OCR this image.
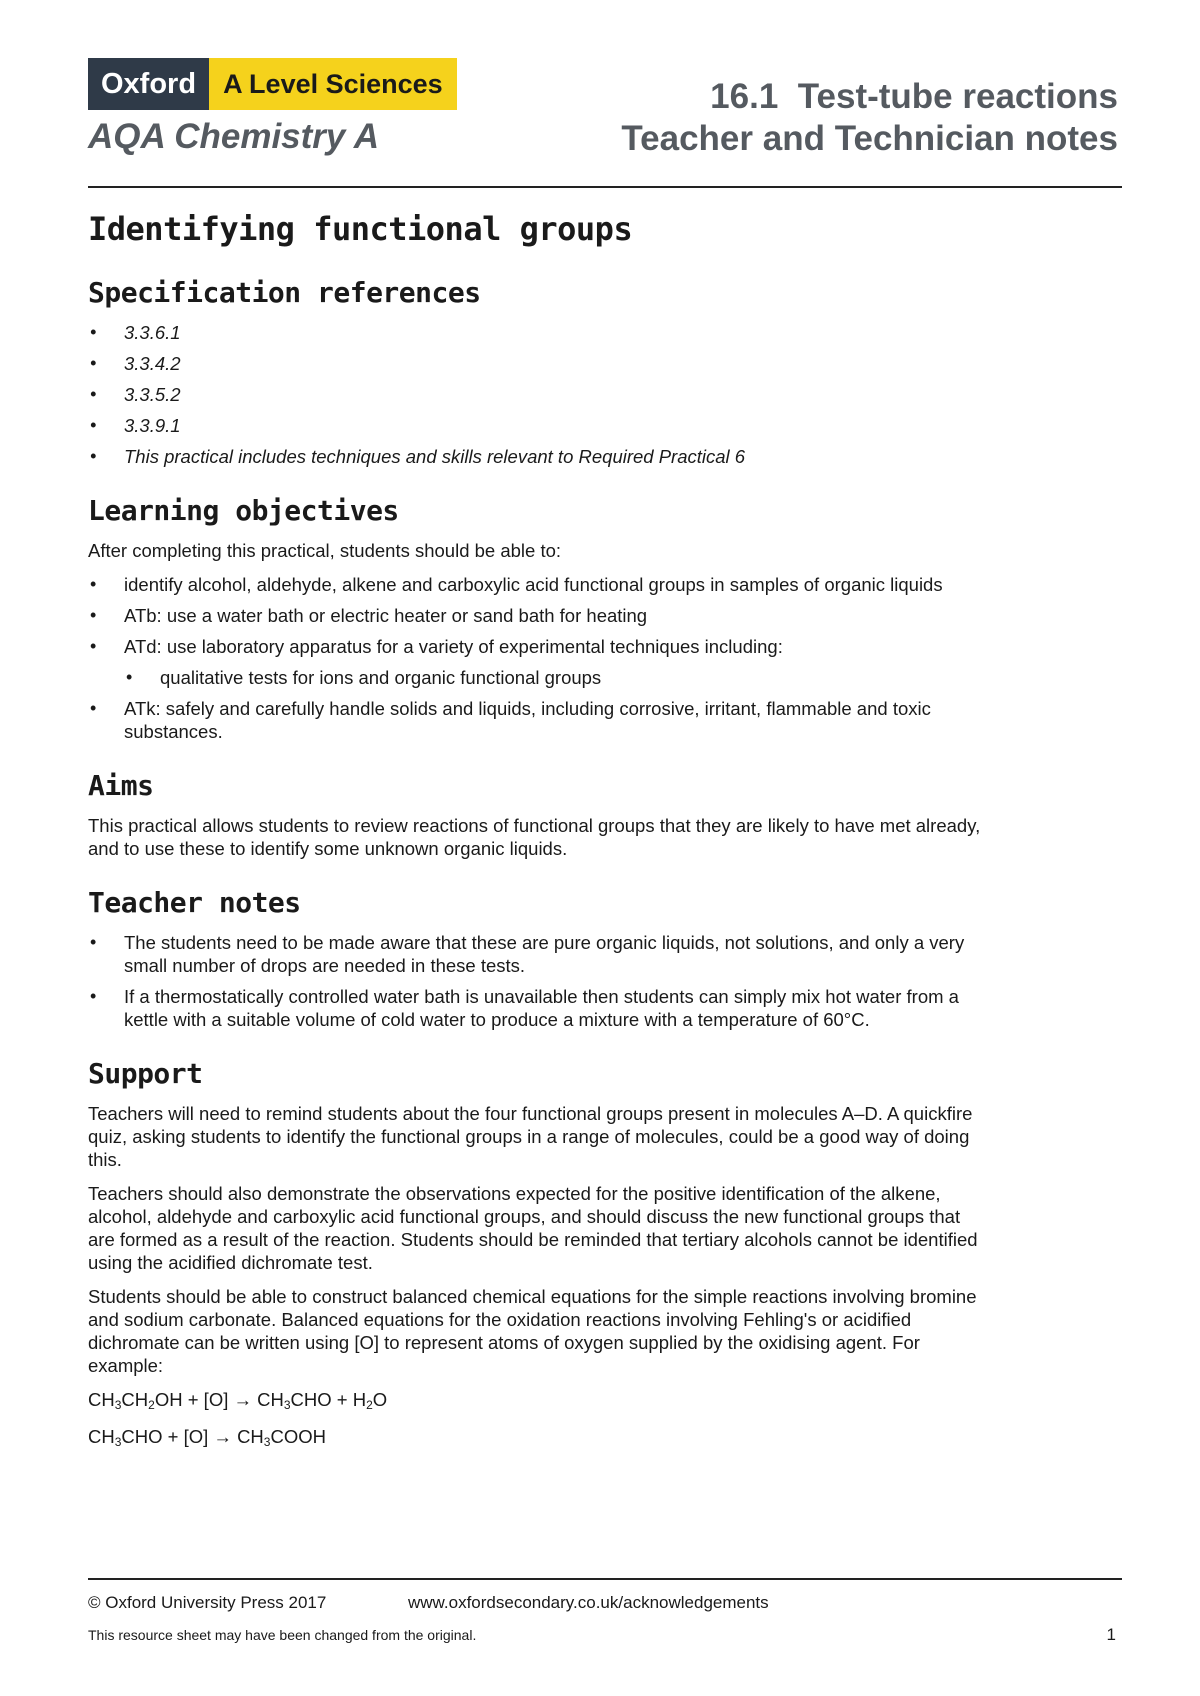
Oxford	A Level Sciences
AQA Chemistry A
16.1 Test-tube reactions
Teacher and Technician notes
Identifying functional groups
Specification references
• 3.3.6.1
• 3.3.4.2
• 3.3.5.2
• 3.3.9.1
• This practical includes techniques and skills relevant to Required Practical 6
Learning objectives

After completing this practical, students should be able to:

• identify alcohol, aldehyde, alkene and carboxylic acid functional groups in samples of organic liquids
• ATb: use a water bath or electric heater or sand bath for heating
• ATd: use laboratory apparatus for a variety of experimental techniques including:
• qualitative tests for ions and organic functional groups
• ATk: safely and carefully handle solids and liquids, including corrosive, irritant, flammable and toxic substances.
Aims

This practical allows students to review reactions of functional groups that they are likely to have met already, and to use these to identify some unknown organic liquids.

Teacher notes
• The students need to be made aware that these are pure organic liquids, not solutions, and only a very small number of drops are needed in these tests.
• If a thermostatically controlled water bath is unavailable then students can simply mix hot water from a kettle with a suitable volume of cold water to produce a mixture with a temperature of 60°C.
Support

Teachers will need to remind students about the four functional groups present in molecules A–D. A quickfire quiz, asking students to identify the functional groups in a range of molecules, could be a good way of doing this.

Teachers should also demonstrate the observations expected for the positive identification of the alkene, alcohol, aldehyde and carboxylic acid functional groups, and should discuss the new functional groups that are formed as a result of the reaction. Students should be reminded that tertiary alcohols cannot be identified using the acidified dichromate test.

Students should be able to construct balanced chemical equations for the simple reactions involving bromine and sodium carbonate. Balanced equations for the oxidation reactions involving Fehling's or acidified dichromate can be written using [O] to represent atoms of oxygen supplied by the oxidising agent. For example:

$CH_3CH_2OH + [O] \to CH_3CHO + H_2O$
$CH_3CHO + [O]$ → $CH_3COOH$
© Oxford University Press 2017	www.oxfordsecondary.co.uk/acknowledgements
This resource sheet may have been changed from the original.	1
